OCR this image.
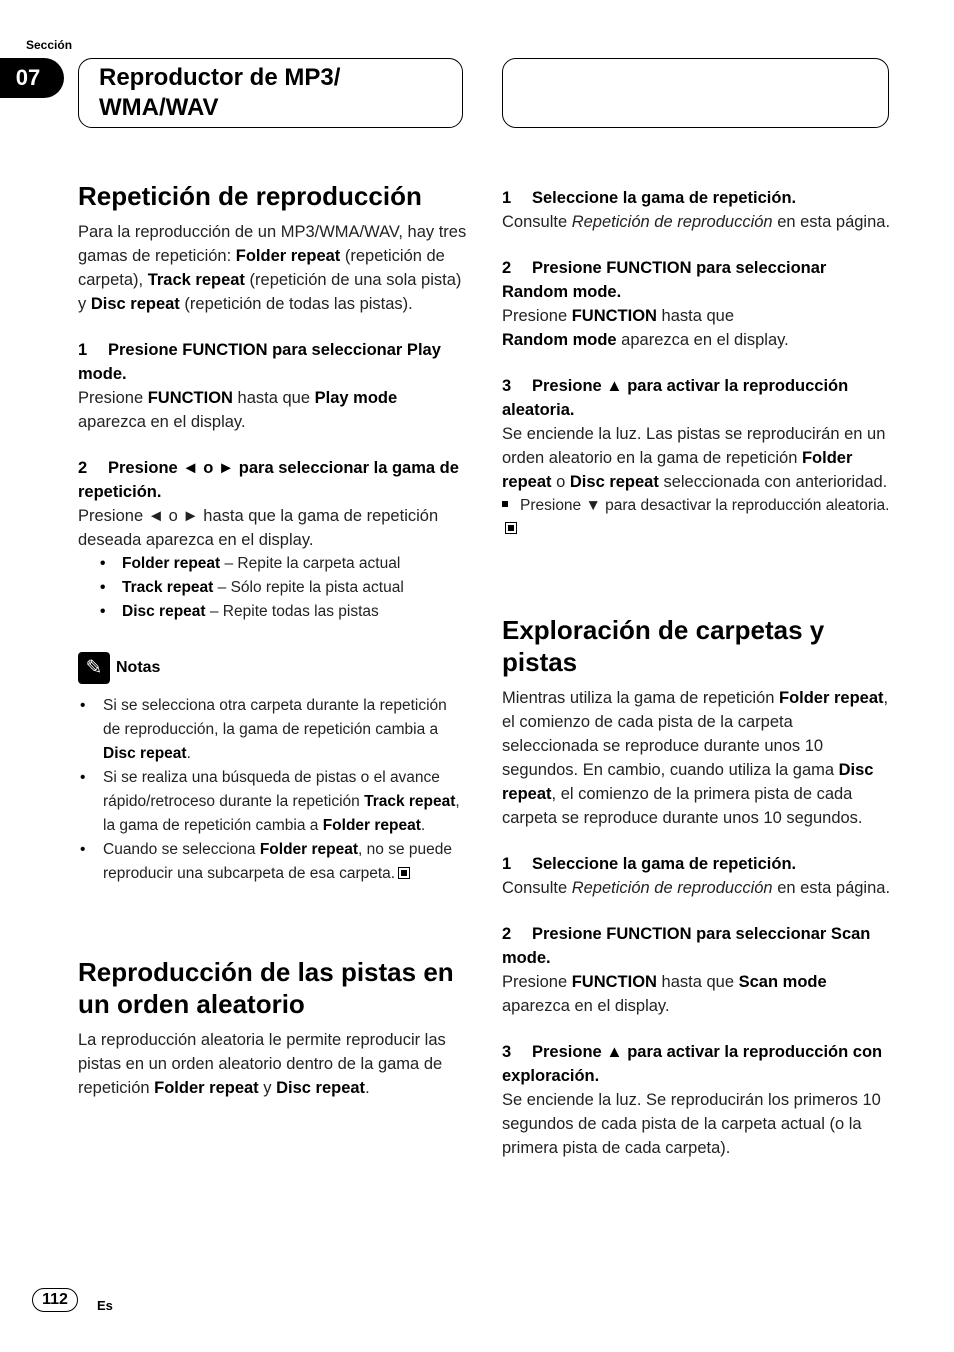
Sección
07	Reproductor de MP3/
WMA/WAV

Repetición de reproducción

Para la reproducción de un MP3/WMA/WAV, hay tres gamas de repetición: Folder repeat (repetición de carpeta), Track repeat (repetición de una sola pista) y Disc repeat (repetición de todas las pistas).

1 Presione FUNCTION para seleccionar Play mode.

Presione FUNCTION hasta que Play mode aparezca en el display.

2 Presione ◄ o ► para seleccionar la gama de repetición.

Presione ◄ o ► hasta que la gama de repetición deseada aparezca en el display.

• Folder repeat – Repite la carpeta actual
• Track repeat – Sólo repite la pista actual
• Disc repeat – Repite todas las pistas
✎ Notas
• Si se selecciona otra carpeta durante la repetición de reproducción, la gama de repetición cambia a Disc repeat.
• Si se realiza una búsqueda de pistas o el avance rápido/retroceso durante la repetición Track repeat, la gama de repetición cambia a Folder repeat.
• Cuando se selecciona Folder repeat, no se puede reproducir una subcarpeta de esa carpeta.
Reproducción de las pistas en un orden aleatorio

La reproducción aleatoria le permite reproducir las pistas en un orden aleatorio dentro de la gama de repetición Folder repeat y Disc repeat.

1 Seleccione la gama de repetición.

Consulte Repetición de reproducción en esta página.

2 Presione FUNCTION para seleccionar Random mode.

Presione FUNCTION hasta que
Random mode aparezca en el display.

3 Presione ▲ para activar la reproducción aleatoria.

Se enciende la luz. Las pistas se reproducirán en un orden aleatorio en la gama de repetición Folder repeat o Disc repeat seleccionada con anterioridad.

Presione ▼ para desactivar la reproducción aleatoria.

Exploración de carpetas y pistas

Mientras utiliza la gama de repetición Folder repeat, el comienzo de cada pista de la carpeta seleccionada se reproduce durante unos 10 segundos. En cambio, cuando utiliza la gama Disc repeat, el comienzo de la primera pista de cada carpeta se reproduce durante unos 10 segundos.

1 Seleccione la gama de repetición.

Consulte Repetición de reproducción en esta página.

2 Presione FUNCTION para seleccionar Scan mode.

Presione FUNCTION hasta que Scan mode aparezca en el display.

3 Presione ▲ para activar la reproducción con exploración.

Se enciende la luz. Se reproducirán los primeros 10 segundos de cada pista de la carpeta actual (o la primera pista de cada carpeta).

112	Es
